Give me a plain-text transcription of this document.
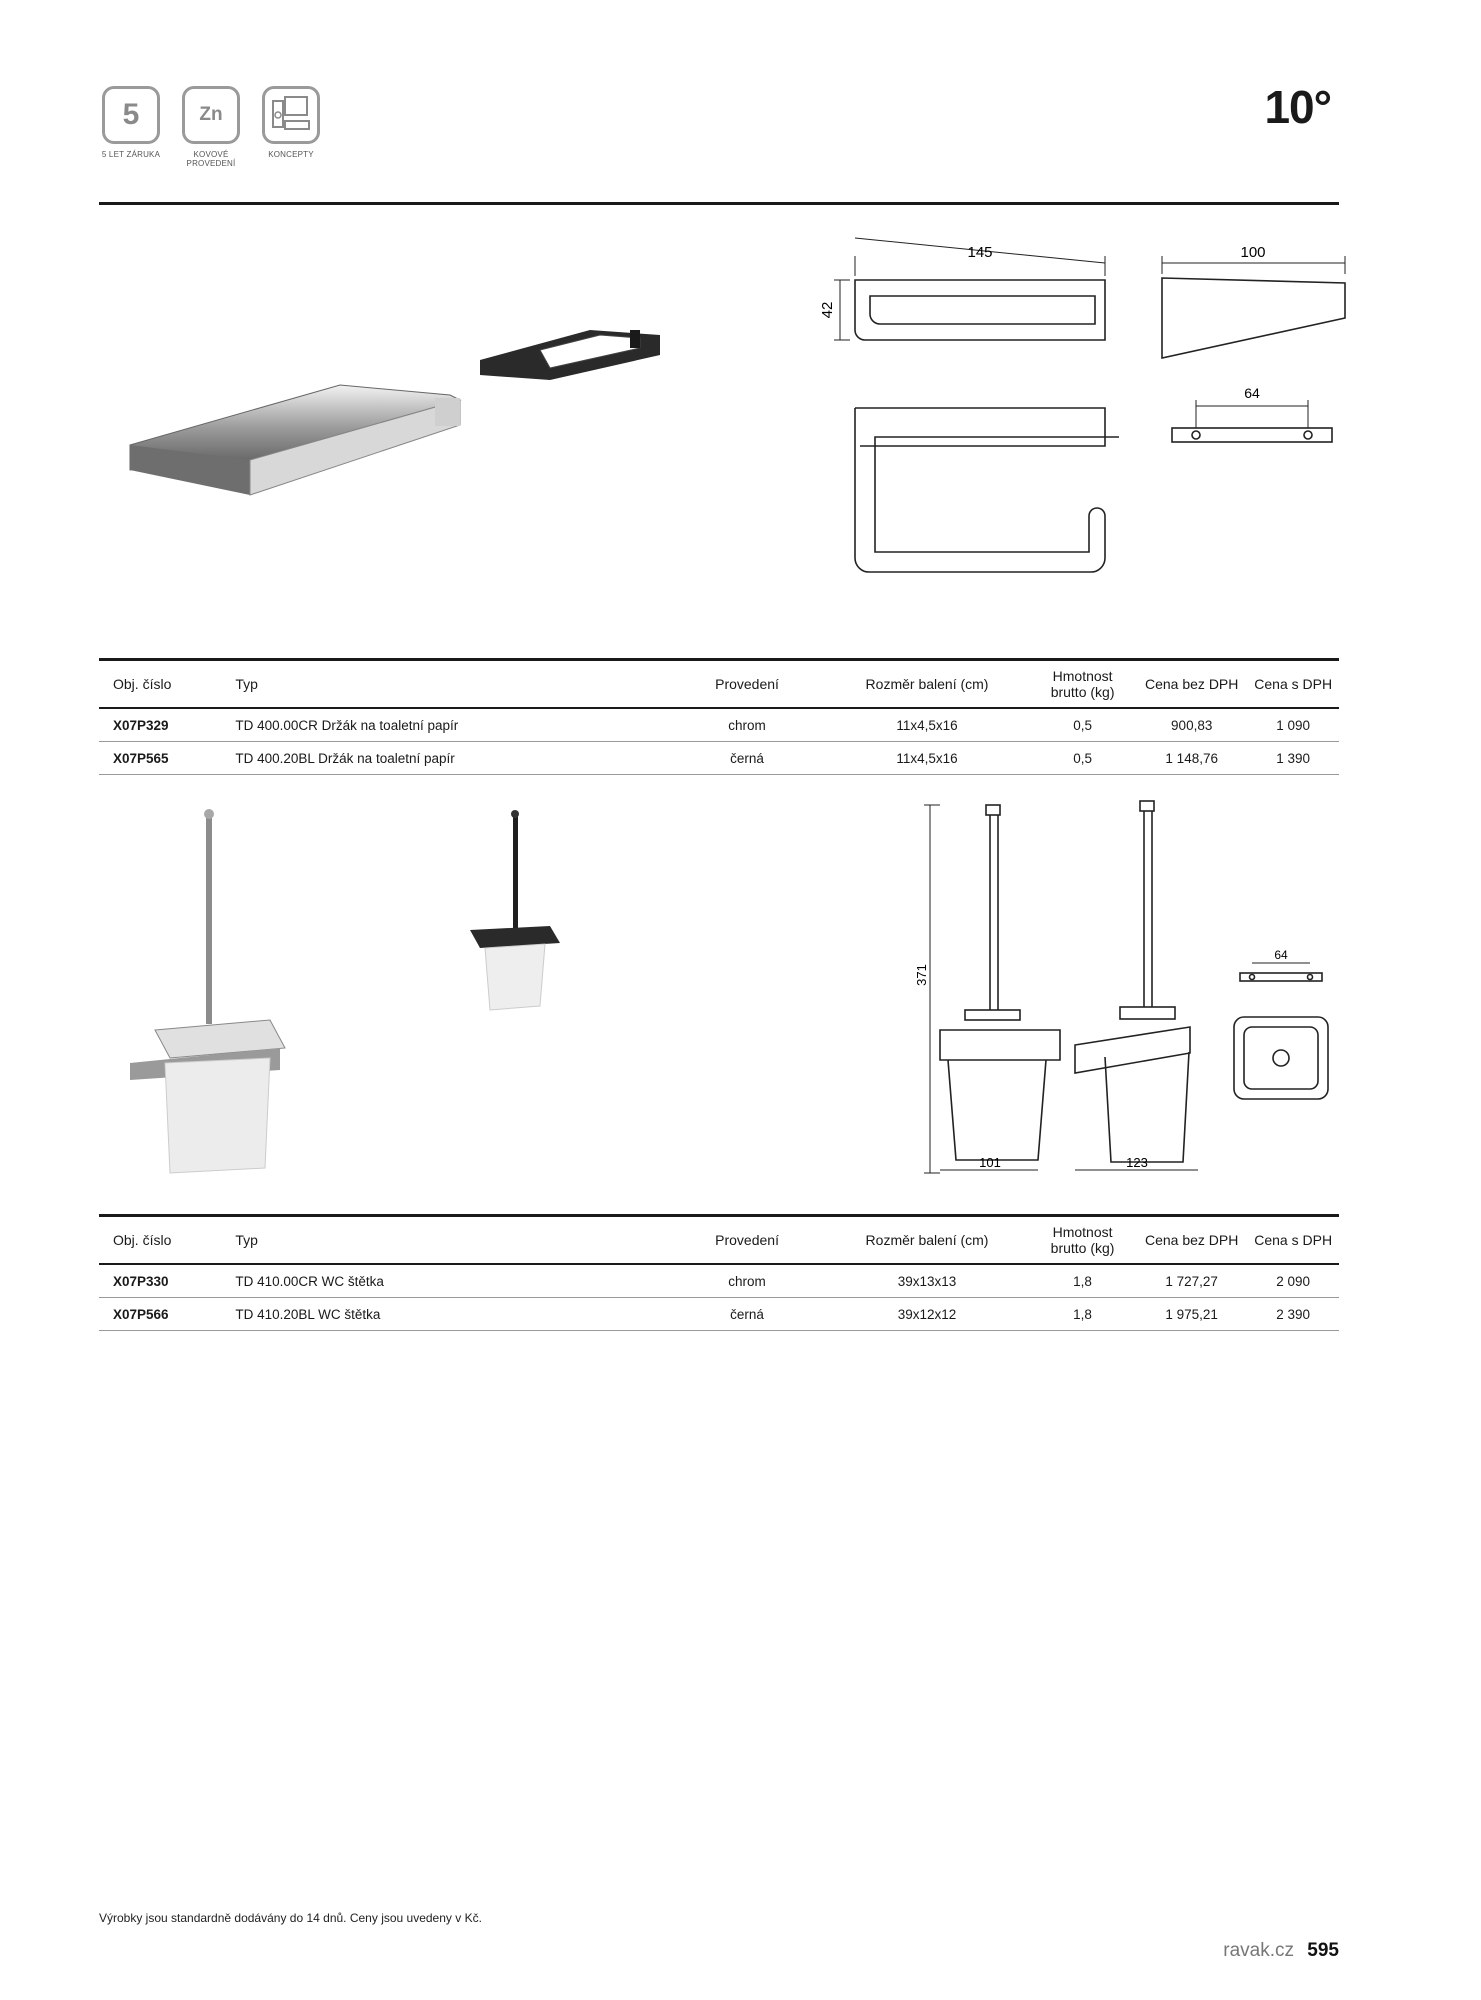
5
5 LET ZÁRUKA
Zn
KOVOVÉ PROVEDENÍ
KONCEPTY
10°
145
42
100
64
Obj. číslo	Typ	Provedení	Rozměr balení (cm)	Hmotnost
brutto (kg)	Cena bez DPH	Cena s DPH
X07P329	TD 400.00CR Držák na toaletní papír	chrom	11x4,5x16	0,5	900,83	1 090
X07P565	TD 400.20BL Držák na toaletní papír	černá	11x4,5x16	0,5	1 148,76	1 390
371
101	123
64
Obj. číslo	Typ	Provedení	Rozměr balení (cm)	Hmotnost
brutto (kg)	Cena bez DPH	Cena s DPH
X07P330	TD 410.00CR WC štětka	chrom	39x13x13	1,8	1 727,27	2 090
X07P566	TD 410.20BL WC štětka	černá	39x12x12	1,8	1 975,21	2 390
Výrobky jsou standardně dodávány do 14 dnů. Ceny jsou uvedeny v Kč.
ravak.cz 595
